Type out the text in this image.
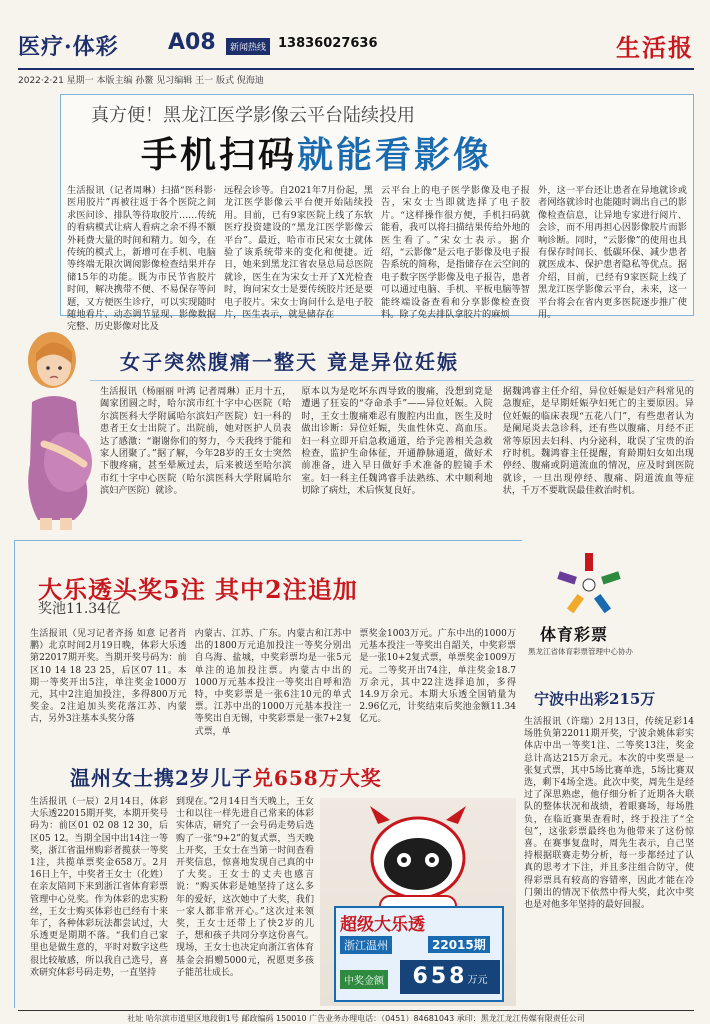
医疗·体彩 A08	新闻热线 13836027636	生活报
2022·2·21 星期一 本版主编 孙鳌 见习编辑 王一 版式 倪海迪
真方便！黑龙江医学影像云平台陆续投用
手机扫码就能看影像
生活报讯（记者周琳）扫描“医科影·医用胶片”再被往返于各个医院之间求医问诊、排队等待取胶片……传统的看病模式让病人看病之余不得不额外耗费大量的时间和精力。如今，在传统的模式上，新增可在手机、电脑等终端无限次调阅影像检查结果并存储15年的功能。既为市民节省胶片时间，解决携带不便、不易保存等问题，又方便医生诊疗，可以实现随时随地看片、动态调节显现、影像数据完整、历史影像对比及
远程会诊等。自2021年7月份起，黑龙江医学影像云平台便开始陆续投用。目前，已有9家医院上线了东软医疗投资建设的“黑龙江医学影像云平台”。最近，哈市市民宋女士就体验了该系统带来的变化和便捷。近日，她来到黑龙江省农垦总局总医院就诊，医生在为宋女士开了X光检查时，询问宋女士是要传统胶片还是要电子胶片。宋女士询问什么是电子胶片，医生表示，就是储存在
云平台上的电子医学影像及电子报告，宋女士当即就选择了电子胶片。“这样操作很方便，手机扫码就能看，我可以将扫描结果传给外地的医生看了。”宋女士表示。据介绍，“云影像”是云电子影像及电子报告系统的简称，是指储存在云空间的电子数字医学影像及电子报告，患者可以通过电脑、手机、平板电脑等智能终端设备查看和分享影像检查资料。除了免去排队拿胶片的麻烦
外，这一平台还让患者在异地就诊或者网络就诊时也能随时调出自己的影像检查信息，让异地专家进行阅片、会诊，而不用再担心因影像胶片而影响诊断。同时，“云影像”的使用也具有保存时间长、低碳环保、减少患者就医成本、保护患者隐私等优点。据介绍，目前，已经有9家医院上线了黑龙江医学影像云平台，未来，这一平台将会在省内更多医院逐步推广使用。
女子突然腹痛一整天 竟是异位妊娠
生活报讯（杨丽丽 叶鸿 记者周琳）正月十五，阖家团圆之时，哈尔滨市红十字中心医院（哈尔滨医科大学附属哈尔滨妇产医院）妇一科的患者王女士出院了。出院前，她对医护人员表达了感激：“谢谢你们的努力，今天我终于能和家人团聚了。”据了解，今年28岁的王女士突然下腹疼痛，甚至晕厥过去，后来被送至哈尔滨市红十字中心医院（哈尔滨医科大学附属哈尔滨妇产医院）就诊。
原本以为是吃坏东西导致的腹痛，没想到竟是遭遇了狂妄的“夺命杀手”——异位妊娠。入院时，王女士腹痛难忍有腹腔内出血，医生及时做出诊断：异位妊娠，失血性休克、高血压。妇一科立即开启急救通道，给予完善相关急救检查，监护生命体征，开通静脉通道，做好术前准备，进入早日做好手术准备的腔镜手术室。妇一科主任魏鸿睿手法熟练、术中顺利地切除了病灶，术后恢复良好。
据魏鸿睿主任介绍，异位妊娠是妇产科常见的急腹症，是早期妊娠孕妇死亡的主要原因。异位妊娠的临床表现“五花八门”，有些患者认为是阑尾炎去急诊科，还有些以腹痛、月经不正常等原因去妇科、内分泌科，耽误了宝贵的治疗时机。魏鸿睿主任提醒，育龄期妇女如出现停经、腹痛或阴道流血的情况，应及时到医院就诊，一旦出现停经、腹痛、阴道流血等症状，千万不要耽误最佳救治时机。
大乐透头奖5注 其中2注追加
奖池11.34亿
生活报讯（见习记者齐扬 如意 记者肖鹏）北京时间2月19日晚，体彩大乐透第22017期开奖。当期开奖号码为：前区10 14 18 23 25，后区07 11。本期一等奖开出5注，单注奖金1000万元，其中2注追加投注，多得800万元奖金。2注追加头奖花落江苏、内蒙古，另外3注基本头奖分落
内蒙古、江苏、广东。内蒙古和江苏中出的1800万元追加投注一等奖分别出自乌海、盐城，中奖彩票均是一张5元单注的追加投注票。内蒙古中出的1000万元基本投注一等奖出自呼和浩特，中奖彩票是一张6注10元的单式票。江苏中出的1000万元基本投注一等奖出自无锡，中奖彩票是一张7+2复式票，单
票奖金1003万元。广东中出的1000万元基本投注一等奖出自韶关，中奖彩票是一张10+2复式票，单票奖金1009万元。二等奖开出74注，单注奖金18.7万余元，其中22注选择追加，多得14.9万余元。本期大乐透全国销量为2.96亿元，计奖结束后奖池金额11.34亿元。
温州女士携2岁儿子兑658万大奖
生活报讯（一辰）2月14日，体彩大乐透22015期开奖，本期开奖号码为：前区01 02 08 12 30，后区05 12。当期全国中出14注一等奖，浙江省温州购彩者揽获一等奖1注，共揽单票奖金658万。2月16日上午，中奖者王女士（化姓）在亲友陪同下来到浙江省体育彩票管理中心兑奖。作为体彩的忠实粉丝，王女士购买体彩也已经有十来年了，各种体彩玩法都尝试过，大乐透更是期期不落。“我们自己家里也是做生意的，平时对数字这些很比较敏感，所以我自己选号，喜欢研究体彩号码走势，一直坚持
到现在。”2月14日当天晚上，王女士和以往一样先进自己常来的体彩实体店，研究了一会号码走势后选购了一张“9+2”的复式票，当天晚上开奖，王女士在当第一时间查看开奖信息，惊喜地发现自己真的中了大奖。王女士的丈夫也感言说：“购买体彩是她坚持了这么多年的爱好，这次她中了大奖，我们一家人都非常开心。”这次过来领奖，王女士还带上了快2岁的儿子，想和孩子共同分享这份喜气。现场，王女士也决定向浙江省体育基金会捐赠5000元，祝愿更多孩子能茁壮成长。
超级大乐透
浙江温州	22015期
中奖金额	658万元
体育彩票
黑龙江省体育彩票管理中心协办
宁波中出彩215万
生活报讯（许瑞）2月13日，传统足彩14场胜负第22011期开奖，宁波余姚体彩实体店中出一等奖1注、二等奖13注，奖金总计高达215万余元。本次的中奖票是一张复式票，其中5场比赛单选，5场比赛双选，剩下4场全选。此次中奖，周先生是经过了深思熟虑，他仔细分析了近期各大联队的整体状况和战绩，着眼赛场，每场胜负，在临近赛果查看时，终于投注了“全包”，这张彩票最终也为他带来了这份惊喜。在赛事复盘时，周先生表示，自己坚持根据联赛走势分析，每一步都经过了认真的思考才下注，并且多注组合防守，使得彩票具有较高的容错率，因此才能在冷门频出的情况下依然中得大奖，此次中奖也是对他多年坚持的最好回报。
社址 哈尔滨市道里区地段街1号 邮政编码 150010 广告业务办理电话：（0451）84681043 承印：黑龙江龙江传媒有限责任公司
